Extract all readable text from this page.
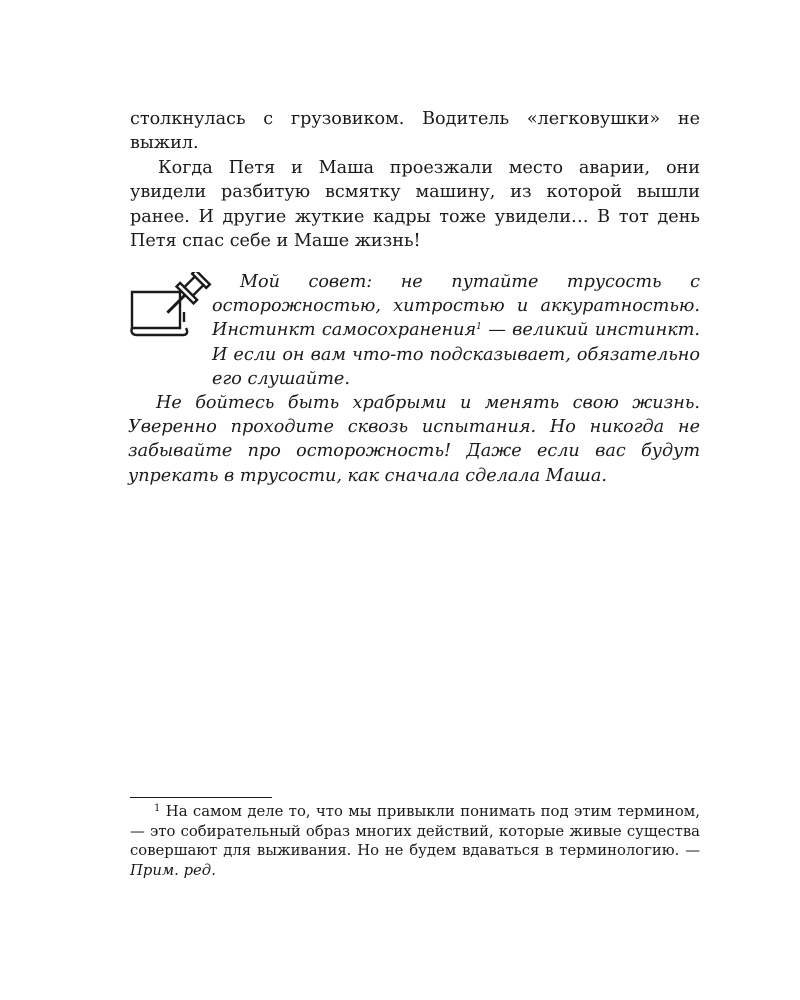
столкнулась с грузовиком. Водитель «легковушки» не выжил.

Когда Петя и Маша проезжали место аварии, они увидели разбитую всмятку машину, из которой вышли ранее. И другие жуткие кадры тоже увидели… В тот день Петя спас себе и Маше жизнь!

Мой совет: не путайте трусость с осторожностью, хитростью и аккуратностью. Инстинкт самосохранения$^1$ — великий инстинкт. И если он вам что-то подсказывает, обязательно его слушайте.

Не бойтесь быть храбрыми и менять свою жизнь. Уверенно проходите сквозь испытания. Но никогда не забывайте про осторожность! Даже если вас будут упрекать в трусости, как сначала сделала Маша.

$^1$ На самом деле то, что мы привыкли понимать под этим термином, — это собирательный образ многих действий, которые живые существа совершают для выживания. Но не будем вдаваться в терминологию. — Прим. ред.
